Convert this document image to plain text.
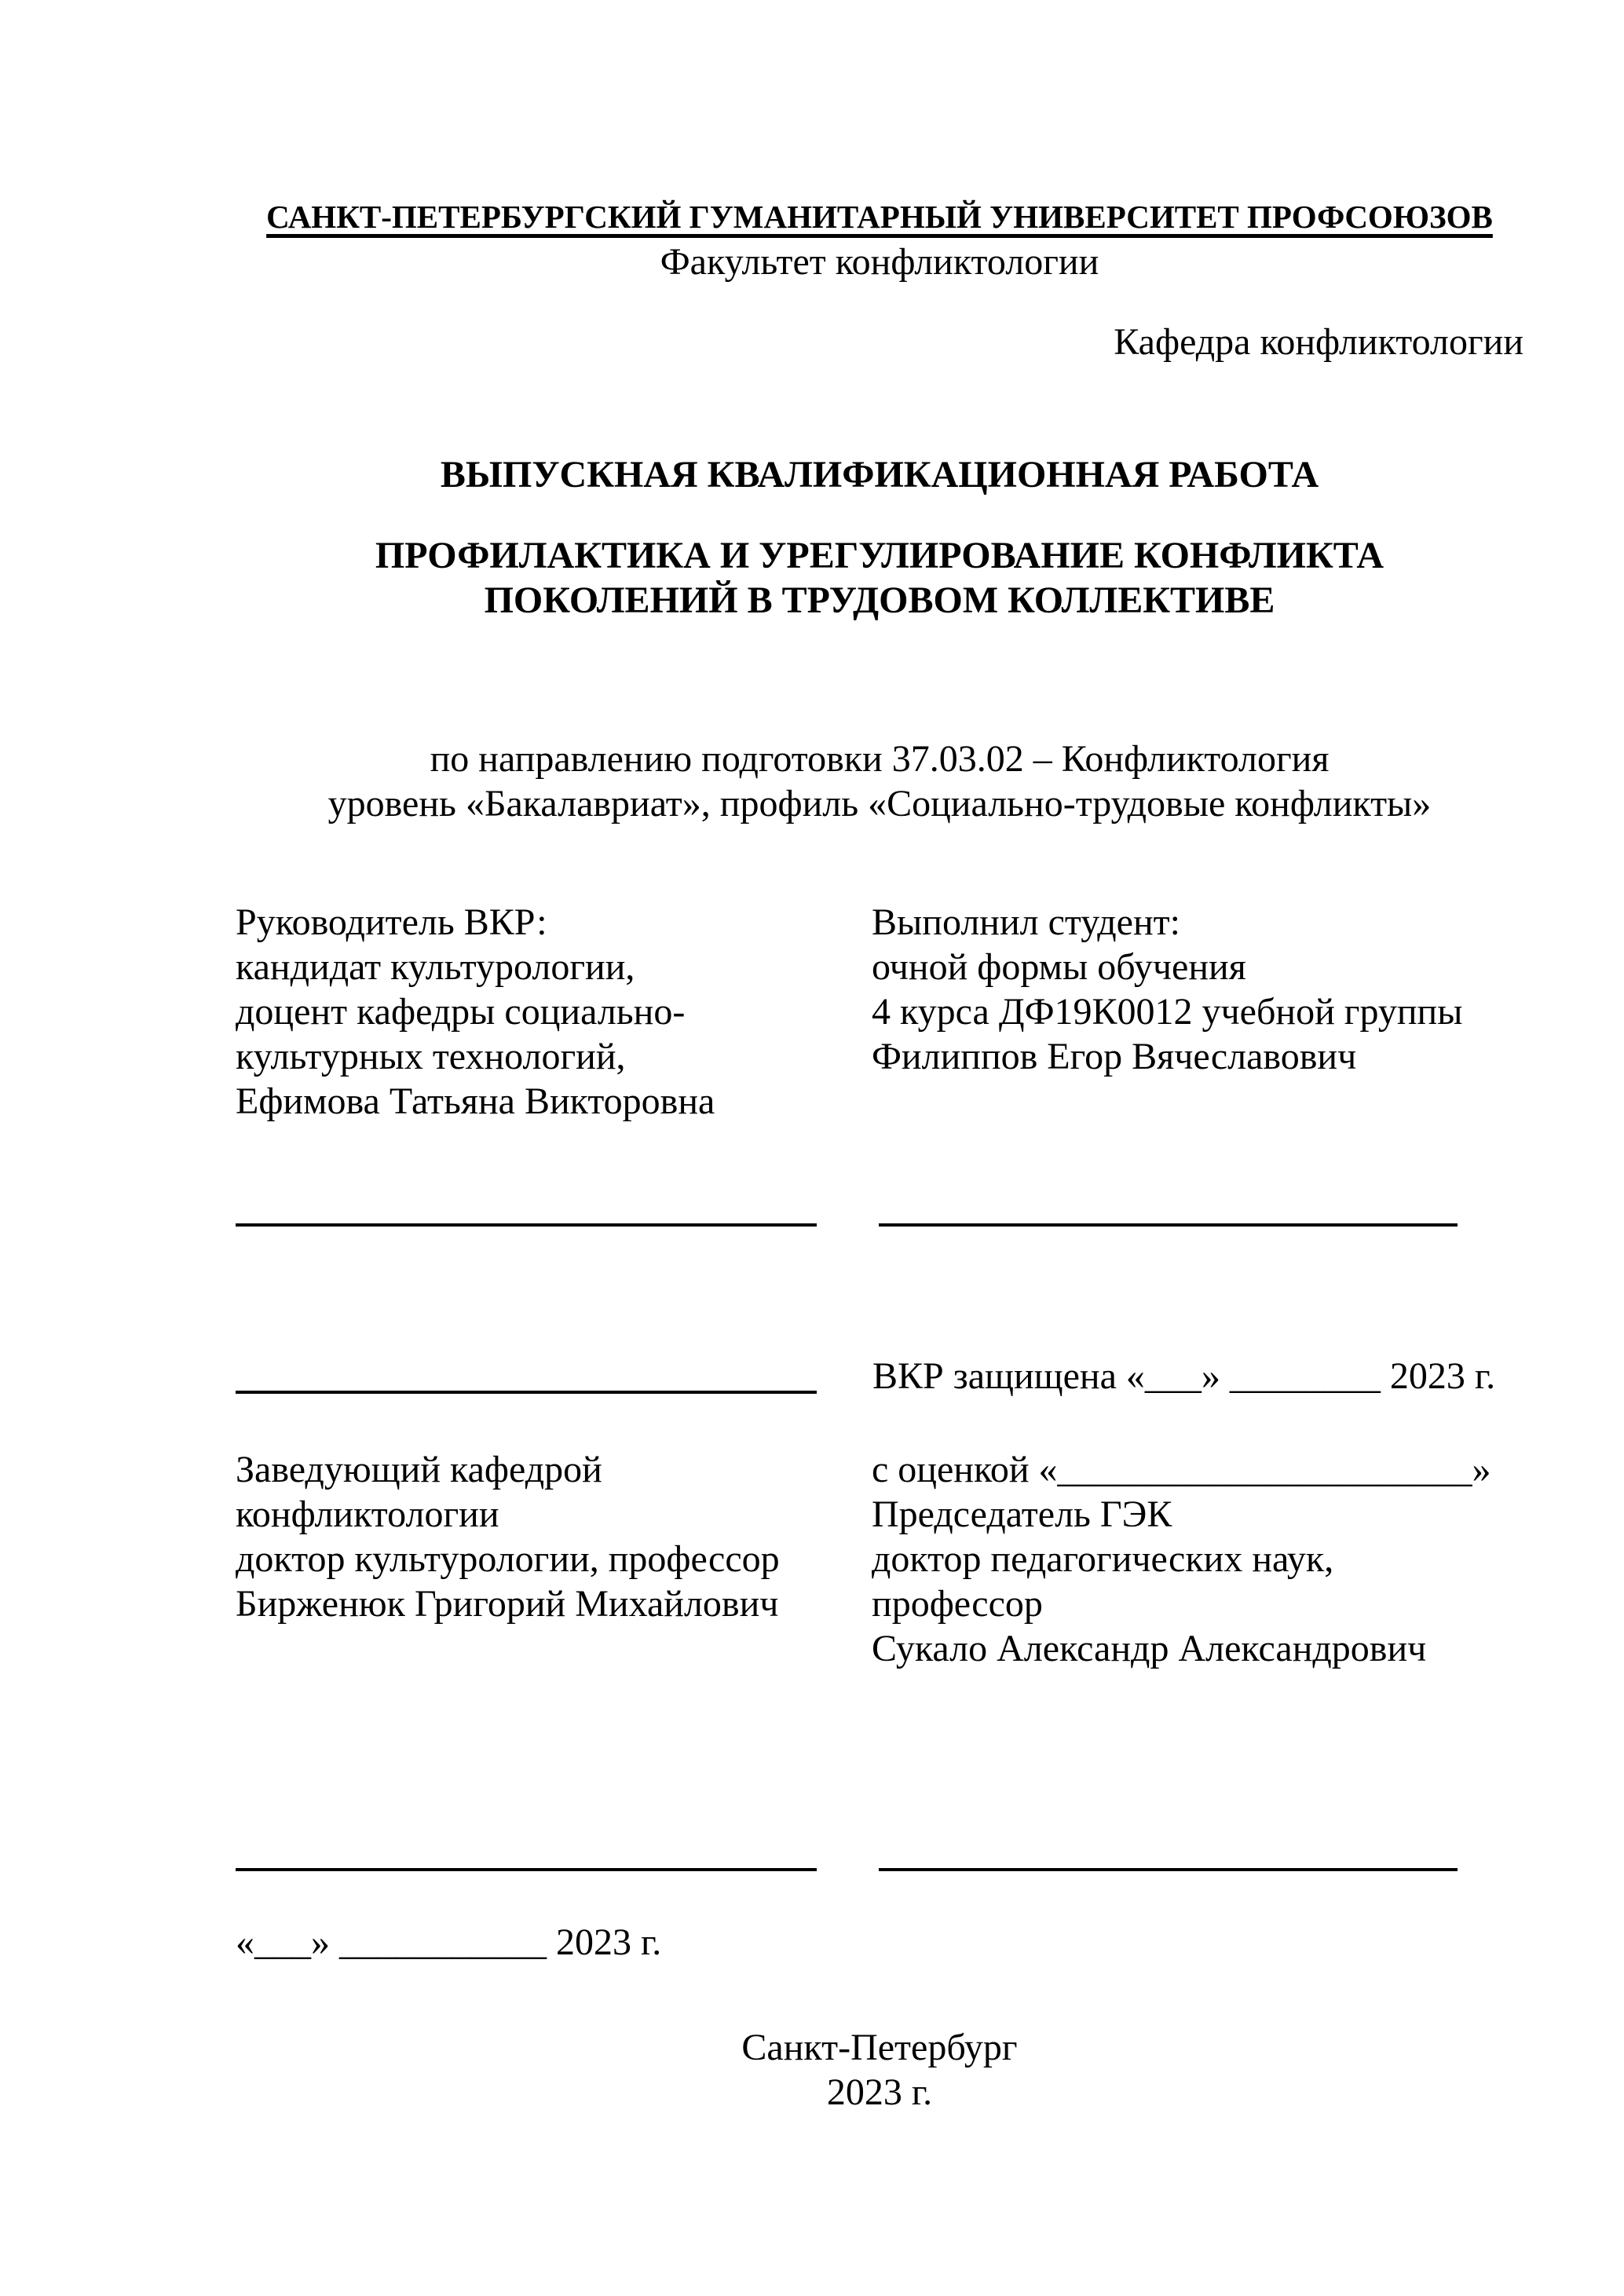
САНКТ-ПЕТЕРБУРГСКИЙ ГУМАНИТАРНЫЙ УНИВЕРСИТЕТ ПРОФСОЮЗОВ
Факультет конфликтологии
Кафедра конфликтологии
ВЫПУСКНАЯ КВАЛИФИКАЦИОННАЯ РАБОТА
ПРОФИЛАКТИКА И УРЕГУЛИРОВАНИЕ КОНФЛИКТА
ПОКОЛЕНИЙ В ТРУДОВОМ КОЛЛЕКТИВЕ
по направлению подготовки 37.03.02 – Конфликтология
уровень «Бакалавриат», профиль «Социально-трудовые конфликты»
Руководитель ВКР:
кандидат культурологии,
доцент кафедры социально-
культурных технологий,
Ефимова Татьяна Викторовна
Выполнил студент:
очной формы обучения
4 курса ДФ19К0012 учебной группы
Филиппов Егор Вячеславович
ВКР защищена «___» ________ 2023 г.
Заведующий кафедрой
конфликтологии
доктор культурологии, профессор
Бирженюк Григорий Михайлович
с оценкой «______________________»
Председатель ГЭК
доктор педагогических наук,
профессор
Сукало Александр Александрович
«___» ___________ 2023 г.
Санкт-Петербург
2023 г.
